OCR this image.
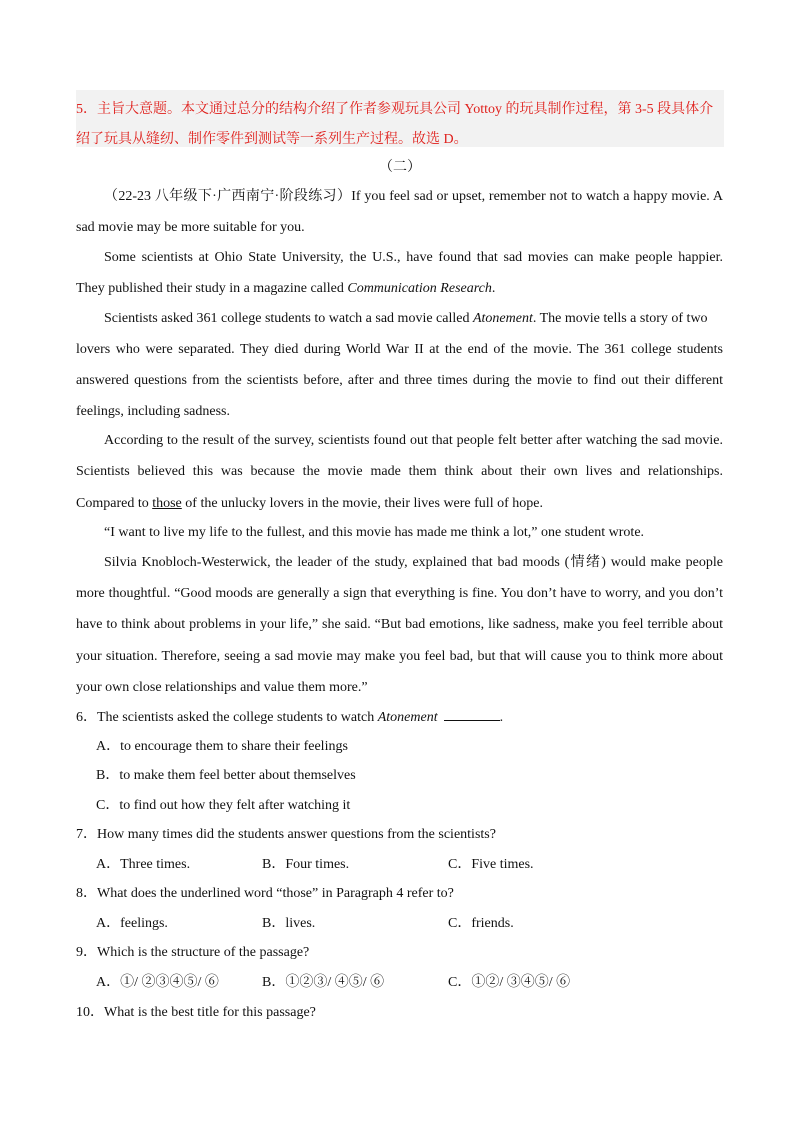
5．主旨大意题。本文通过总分的结构介绍了作者参观玩具公司 Yottoy 的玩具制作过程，第 3-5 段具体介
绍了玩具从缝纫、制作零件到测试等一系列生产过程。故选 D。
（二）
（22-23 八年级下·广西南宁·阶段练习）If you feel sad or upset, remember not to watch a happy movie. A
sad movie may be more suitable for you.
Some scientists at Ohio State University, the U.S., have found that sad movies can make people happier.
They published their study in a magazine called Communication Research.
Scientists asked 361 college students to watch a sad movie called Atonement. The movie tells a story of two
lovers who were separated. They died during World War II at the end of the movie. The 361 college students
answered questions from the scientists before, after and three times during the movie to find out their different
feelings, including sadness.
According to the result of the survey, scientists found out that people felt better after watching the sad movie.
Scientists believed this was because the movie made them think about their own lives and relationships.
Compared to those of the unlucky lovers in the movie, their lives were full of hope.
“I want to live my life to the fullest, and this movie has made me think a lot,” one student wrote.
Silvia Knobloch-Westerwick, the leader of the study, explained that bad moods (情绪) would make people
more thoughtful. “Good moods are generally a sign that everything is fine. You don’t have to worry, and you don’t
have to think about problems in your life,” she said. “But bad emotions, like sadness, make you feel terrible about
your situation. Therefore, seeing a sad movie may make you feel bad, but that will cause you to think more about
your own close relationships and value them more.”
6．The scientists asked the college students to watch Atonement	.
A．to encourage them to share their feelings
B．to make them feel better about themselves
C．to find out how they felt after watching it
7．How many times did the students answer questions from the scientists?
A．Three times.	B．Four times.	C．Five times.
8．What does the underlined word “those” in Paragraph 4 refer to?
A．feelings.	B．lives.	C．friends.
9．Which is the structure of the passage?
A．①/ ②③④⑤/ ⑥	B．①②③/ ④⑤/ ⑥	C．①②/ ③④⑤/ ⑥
10．What is the best title for this passage?
